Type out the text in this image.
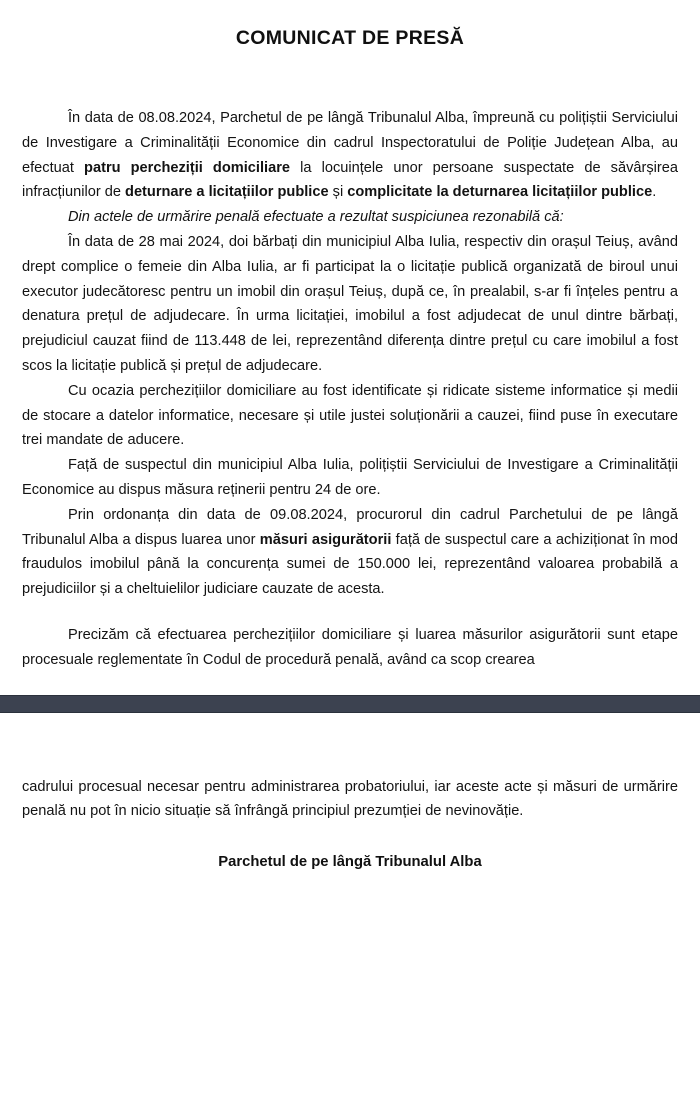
COMUNICAT DE PRESĂ

În data de 08.08.2024, Parchetul de pe lângă Tribunalul Alba, împreună cu polițiștii Serviciului de Investigare a Criminalității Economice din cadrul Inspectoratului de Poliție Județean Alba, au efectuat patru percheziții domiciliare la locuințele unor persoane suspectate de săvârșirea infracțiunilor de deturnare a licitațiilor publice și complicitate la deturnarea licitațiilor publice.

Din actele de urmărire penală efectuate a rezultat suspiciunea rezonabilă că:

În data de 28 mai 2024, doi bărbați din municipiul Alba Iulia, respectiv din orașul Teiuș, având drept complice o femeie din Alba Iulia, ar fi participat la o licitație publică organizată de biroul unui executor judecătoresc pentru un imobil din orașul Teiuș, după ce, în prealabil, s-ar fi înțeles pentru a denatura prețul de adjudecare. În urma licitației, imobilul a fost adjudecat de unul dintre bărbați, prejudiciul cauzat fiind de 113.448 de lei, reprezentând diferența dintre prețul cu care imobilul a fost scos la licitație publică și prețul de adjudecare.

Cu ocazia perchezițiilor domiciliare au fost identificate și ridicate sisteme informatice și medii de stocare a datelor informatice, necesare și utile justei soluționării a cauzei, fiind puse în executare trei mandate de aducere.

Față de suspectul din municipiul Alba Iulia, polițiștii Serviciului de Investigare a Criminalității Economice au dispus măsura reținerii pentru 24 de ore.

Prin ordonanța din data de 09.08.2024, procurorul din cadrul Parchetului de pe lângă Tribunalul Alba a dispus luarea unor măsuri asigurătorii față de suspectul care a achiziționat în mod fraudulos imobilul până la concurența sumei de 150.000 lei, reprezentând valoarea probabilă a prejudiciilor și a cheltuielilor judiciare cauzate de acesta.

Precizăm că efectuarea perchezițiilor domiciliare și luarea măsurilor asigurătorii sunt etape procesuale reglementate în Codul de procedură penală, având ca scop crearea

cadrului procesual necesar pentru administrarea probatoriului, iar aceste acte și măsuri de urmărire penală nu pot în nicio situație să înfrângă principiul prezumției de nevinovăție.

Parchetul de pe lângă Tribunalul Alba
